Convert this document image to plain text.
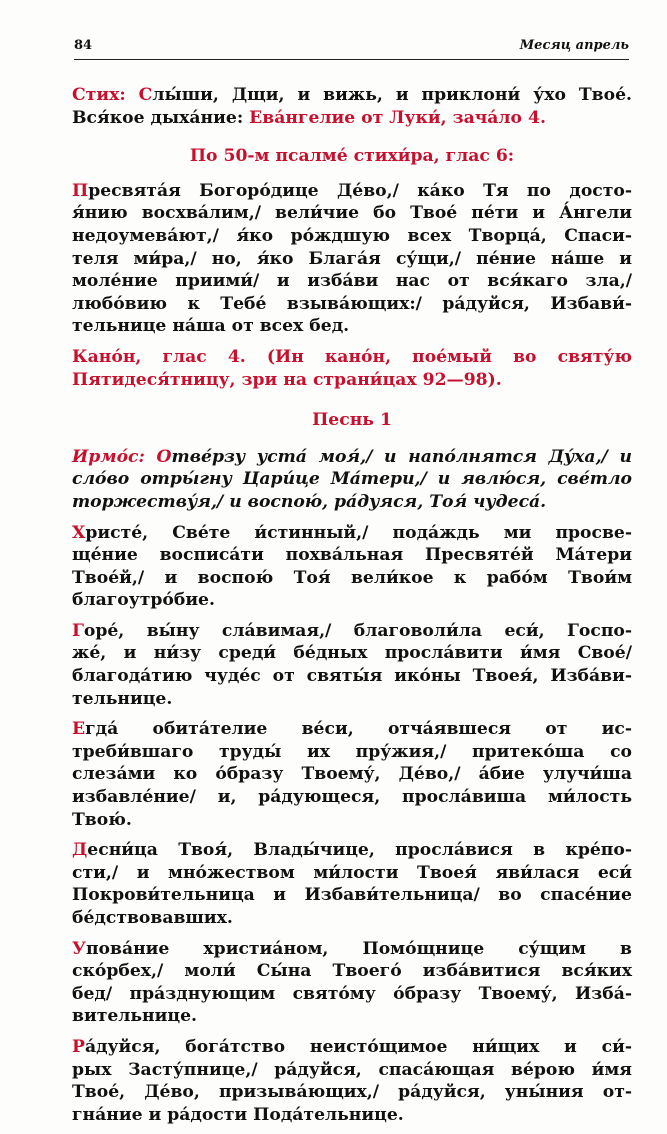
84	Месяц апрель
Стих: Слы́ши, Дщи, и вижь, и приклони́ у́хо Твое́.
Вся́кое дыха́ние: Ева́нгелие от Луки́, зача́ло 4.

По 50-м псалме́ стихи́ра, глас 6:

Пресвята́я Богоро́дице Де́во,/ ка́ко Тя по досто-
я́нию восхва́лим,/ вели́чие бо Твое́ пе́ти и А́нгели
недоумева́ют,/ я́ко ро́ждшую всех Творца́, Спаси-
теля ми́ра,/ но, я́ко Блага́я су́щи,/ пе́ние на́ше и
моле́ние приими́/ и изба́ви нас от вся́каго зла,/
любо́вию к Тебе́ взыва́ющих:/ ра́дуйся, Избави́-
тельнице на́ша от всех бед.
Кано́н, глас 4. (Ин кано́н, пое́мый во святу́ю
Пятидеся́тницу, зри на страни́цах 92—98).

Песнь 1

Ирмо́с: Отве́рзу уста́ моя́,/ и напо́лнятся Ду́ха,/ и
сло́во отры́гну Цари́це Ма́тери,/ и явлю́ся, све́тло
торжеству́я,/ и воспою́, ра́дуяся, Тоя́ чудеса́.
Христе́, Све́те и́стинный,/ пода́ждь ми просве-
ще́ние восписа́ти похва́льная Пресвяте́й Ма́тери
Твое́й,/ и воспою́ Тоя́ вели́кое к рабо́м Твои́м
благоутро́бие.
Горе́, вы́ну сла́вимая,/ благоволи́ла еси́, Госпо-
же́, и ни́зу среди́ бе́дных просла́вити и́мя Свое́/
благода́тию чуде́с от святы́я ико́ны Твоея́, Изба́ви-
тельнице.
Егда́ обита́телие ве́си, отча́явшеся от ис-
треби́вшаго труды́ их пру́жия,/ притеко́ша со
слеза́ми ко о́бразу Твоему́, Де́во,/ а́бие улучи́ша
избавле́ние/ и, ра́дующеся, просла́виша ми́лость
Твою́.
Десни́ца Твоя́, Влады́чице, просла́вися в кре́по-
сти,/ и мно́жеством ми́лости Твоея́ яви́лася еси́
Покрови́тельница и Избави́тельница/ во спасе́ние
бе́дствовавших.
Упова́ние христиа́ном, Помо́щнице су́щим в
ско́рбех,/ моли́ Сы́на Твоего́ изба́витися вся́ких
бед/ пра́зднующим свято́му о́бразу Твоему́, Изба́-
вительнице.
Ра́дуйся, бога́тство неисто́щимое ни́щих и си́-
рых Засту́пнице,/ ра́дуйся, спаса́ющая ве́рою и́мя
Твое́, Де́во, призыва́ющих,/ ра́дуйся, уны́ния от-
гна́ние и ра́дости Пода́тельнице.
